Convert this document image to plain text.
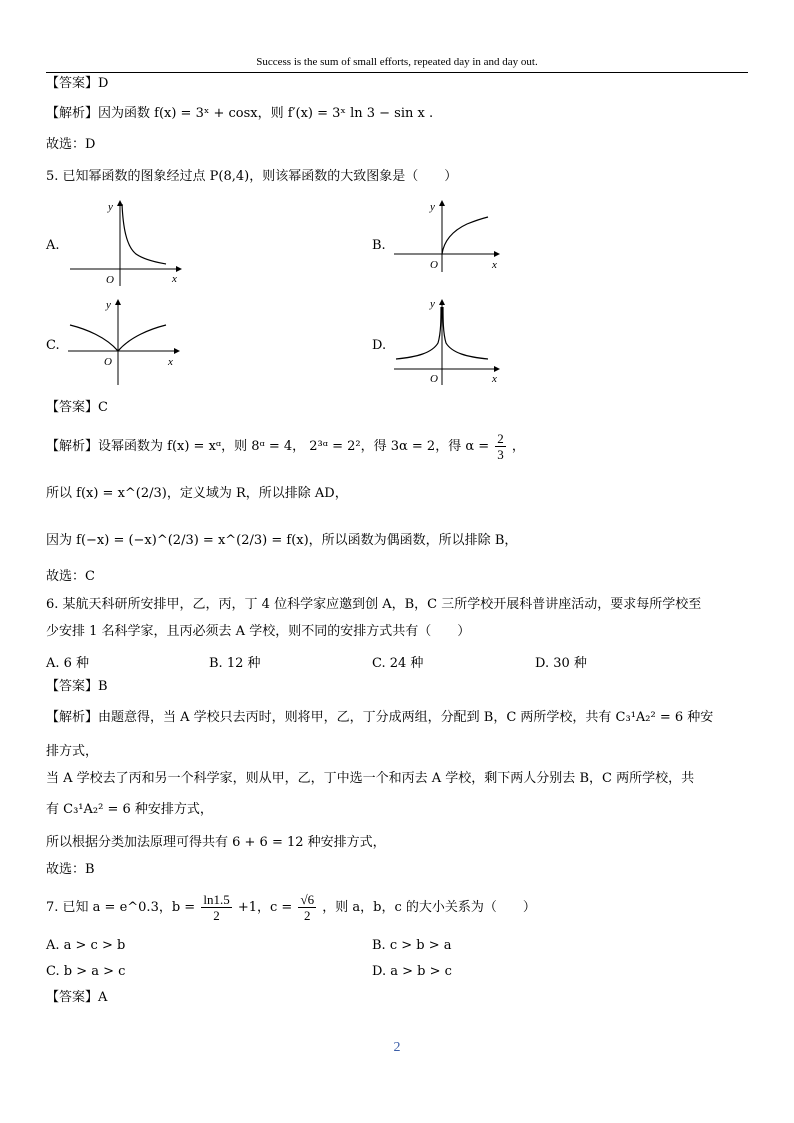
Success is the sum of small efforts, repeated day in and day out.
【答案】D
【解析】因为函数 f(x) = 3ˣ + cosx，则 f′(x) = 3ˣ ln 3 − sin x .
故选：D
5. 已知幂函数的图象经过点 P(8,4)，则该幂函数的大致图象是（　　）
A.
y
x
O
B.
y
x
O
C.
y
x
O
D.
y
x
O
【答案】C
【解析】设幂函数为 f(x) = xᵅ，则 8ᵅ = 4， 2³ᵅ = 2²，得 3α = 2，得 $\alpha = \frac{2}{3}$ ，
所以 f(x) = x^(2/3)，定义域为 R，所以排除 AD，
因为 f(−x) = (−x)^(2/3) = x^(2/3) = f(x)，所以函数为偶函数，所以排除 B，
故选：C
6. 某航天科研所安排甲，乙，丙，丁 4 位科学家应邀到创 A，B，C 三所学校开展科普讲座活动，要求每所学校至
少安排 1 名科学家，且丙必须去 A 学校，则不同的安排方式共有（　　）
A. 6 种	B. 12 种	C. 24 种	D. 30 种
【答案】B
【解析】由题意得，当 A 学校只去丙时，则将甲，乙，丁分成两组，分配到 B，C 两所学校，共有 C₃¹A₂² = 6 种安
排方式，
当 A 学校去了丙和另一个科学家，则从甲，乙，丁中选一个和丙去 A 学校，剩下两人分别去 B，C 两所学校，共
有 C₃¹A₂² = 6 种安排方式，
所以根据分类加法原理可得共有 6 + 6 = 12 种安排方式，
故选：B
7. 已知 a = e^0.3，$b = \frac{\ln 1.5}{2} +1$，$c = \frac{√6}{2}$ ，则 a，b，c 的大小关系为（　　）
A. a > c > b	B. c > b > a
C. b > a > c	D. a > b > c
【答案】A
2
